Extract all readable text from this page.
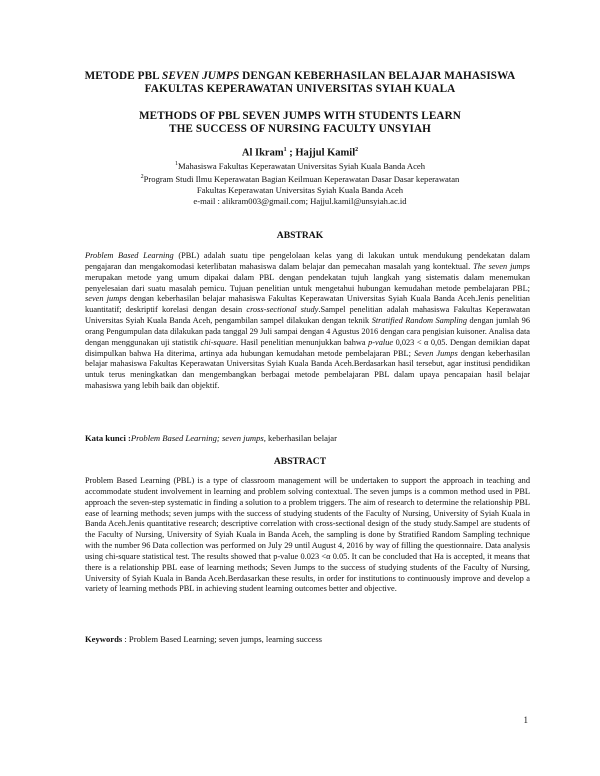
METODE PBL SEVEN JUMPS DENGAN KEBERHASILAN BELAJAR MAHASISWA
FAKULTAS KEPERAWATAN UNIVERSITAS SYIAH KUALA
METHODS OF PBL SEVEN JUMPS WITH STUDENTS LEARN
THE SUCCESS OF NURSING FACULTY UNSYIAH
Al Ikram$^1$ ; Hajjul Kamil$^2$
$^1$Mahasiswa Fakultas Keperawatan Universitas Syiah Kuala Banda Aceh
$^2$Program Studi Ilmu Keperawatan Bagian Keilmuan Keperawatan Dasar Dasar keperawatan
Fakultas Keperawatan Universitas Syiah Kuala Banda Aceh
e-mail : alikram003@gmail.com; Hajjul.kamil@unsyiah.ac.id
ABSTRAK
Problem Based Learning (PBL) adalah suatu tipe pengelolaan kelas yang di lakukan untuk mendukung pendekatan dalam pengajaran dan mengakomodasi keterlibatan mahasiswa dalam belajar dan pemecahan masalah yang kontektual. The seven jumps merupakan metode yang umum dipakai dalam PBL dengan pendekatan tujuh langkah yang sistematis dalam menemukan penyelesaian dari suatu masalah pemicu. Tujuan penelitian untuk mengetahui hubungan kemudahan metode pembelajaran PBL; seven jumps dengan keberhasilan belajar mahasiswa Fakultas Keperawatan Universitas Syiah Kuala Banda Aceh.Jenis penelitian kuantitatif; deskriptif korelasi dengan desain cross-sectional study.Sampel penelitian adalah mahasiswa Fakultas Keperawatan Universitas Syiah Kuala Banda Aceh, pengambilan sampel dilakukan dengan teknik Stratified Random Sampling dengan jumlah 96 orang Pengumpulan data dilakukan pada tanggal 29 Juli sampai dengan 4 Agustus 2016 dengan cara pengisian kuisoner. Analisa data dengan menggunakan uji statistik chi-square. Hasil penelitian menunjukkan bahwa p-value 0,023 < α 0,05. Dengan demikian dapat disimpulkan bahwa Ha diterima, artinya ada hubungan kemudahan metode pembelajaran PBL; Seven Jumps dengan keberhasilan belajar mahasiswa Fakultas Keperawatan Universitas Syiah Kuala Banda Aceh.Berdasarkan hasil tersebut, agar institusi pendidikan untuk terus meningkatkan dan mengembangkan berbagai metode pembelajaran PBL dalam upaya pencapaian hasil belajar mahasiswa yang lebih baik dan objektif.
Kata kunci :Problem Based Learning; seven jumps, keberhasilan belajar
ABSTRACT
Problem Based Learning (PBL) is a type of classroom management will be undertaken to support the approach in teaching and accommodate student involvement in learning and problem solving contextual. The seven jumps is a common method used in PBL approach the seven-step systematic in finding a solution to a problem triggers. The aim of research to determine the relationship PBL ease of learning methods; seven jumps with the success of studying students of the Faculty of Nursing, University of Syiah Kuala in Banda Aceh.Jenis quantitative research; descriptive correlation with cross-sectional design of the study study.Sampel are students of the Faculty of Nursing, University of Syiah Kuala in Banda Aceh, the sampling is done by Stratified Random Sampling technique with the number 96 Data collection was performed on July 29 until August 4, 2016 by way of filling the questionnaire. Data analysis using chi-square statistical test. The results showed that p-value 0.023 <α 0.05. It can be concluded that Ha is accepted, it means that there is a relationship PBL ease of learning methods; Seven Jumps to the success of studying students of the Faculty of Nursing, University of Syiah Kuala in Banda Aceh.Berdasarkan these results, in order for institutions to continuously improve and develop a variety of learning methods PBL in achieving student learning outcomes better and objective.
Keywords : Problem Based Learning; seven jumps, learning success
1
